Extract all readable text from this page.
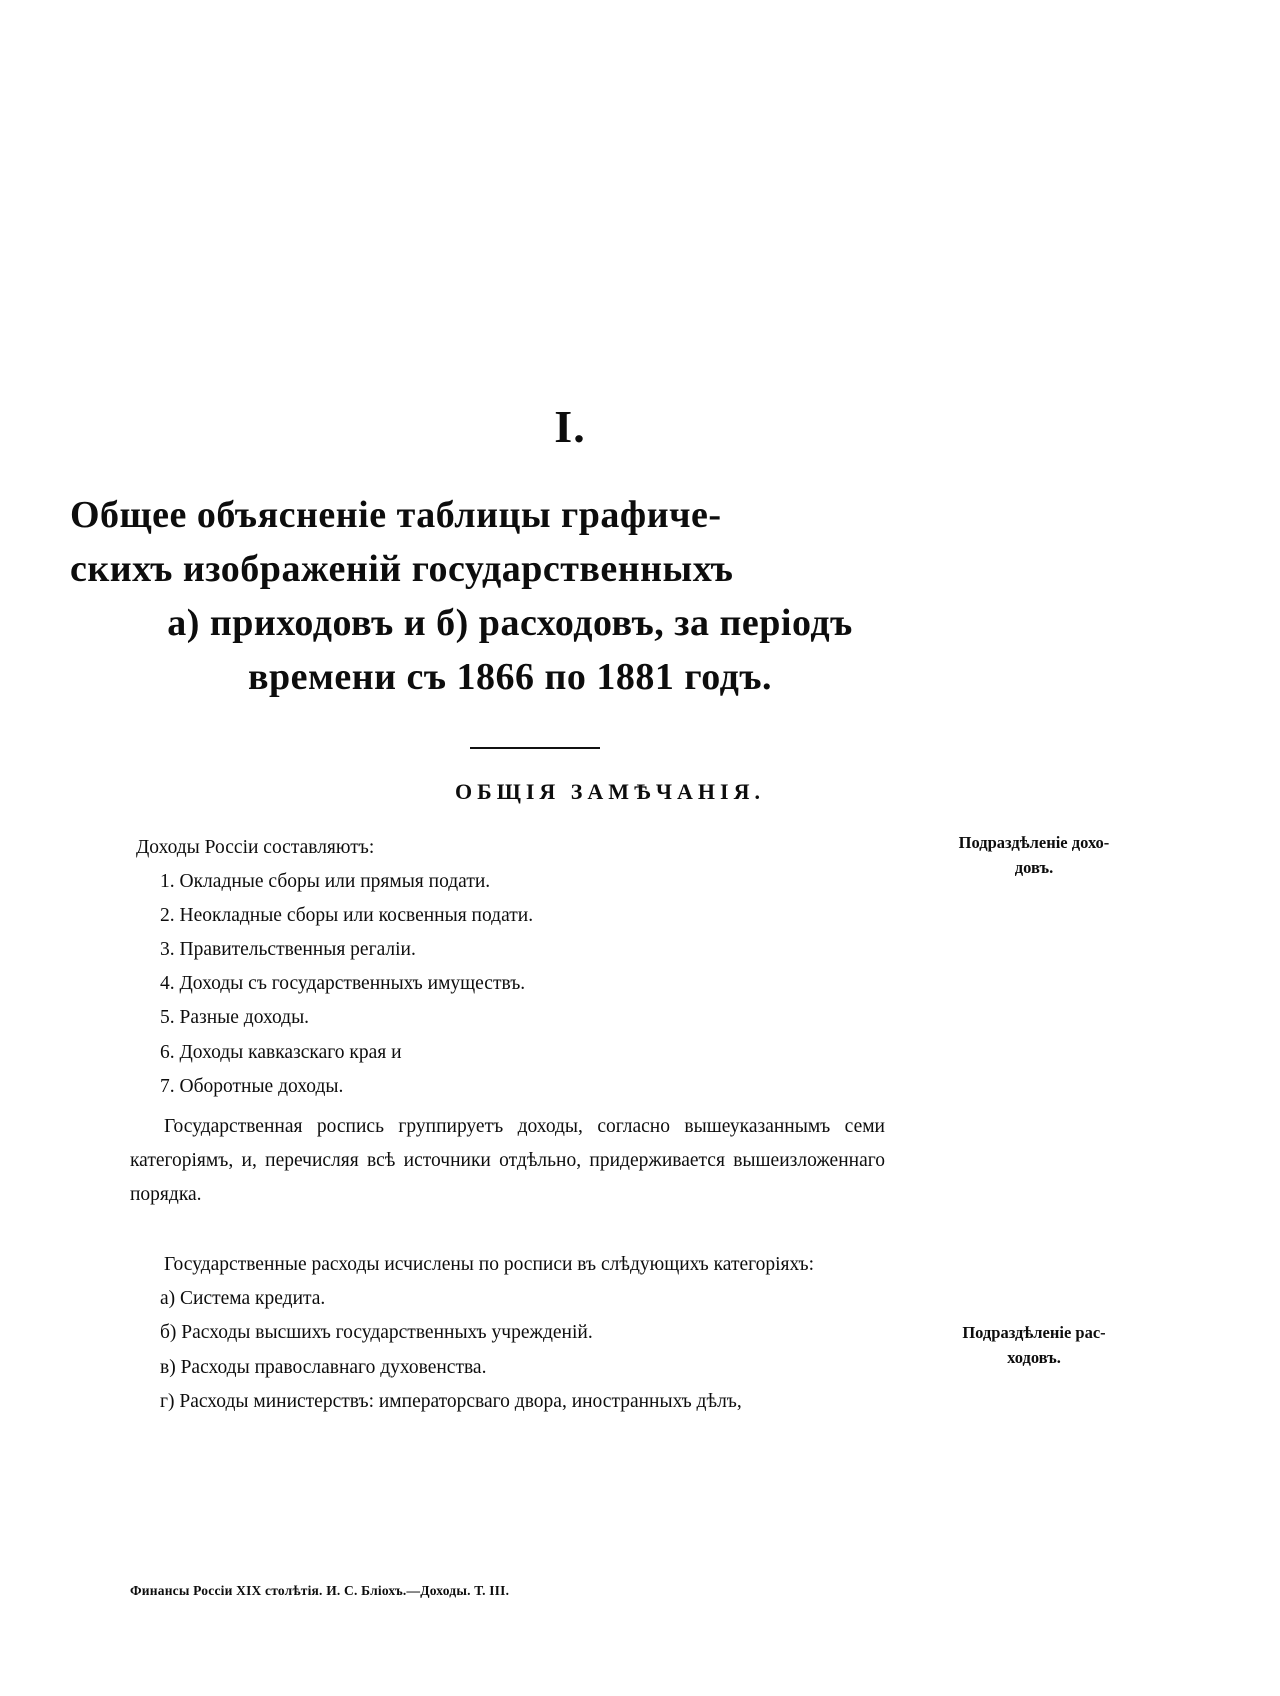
I.
Общее объясненіе таблицы графиче-
скихъ изображеній государственныхъ
а) приходовъ и б) расходовъ, за періодъ
времени съ 1866 по 1881 годъ.
ОБЩІЯ ЗАМѢЧАНІЯ.
Подраздѣленіе дохо-
довъ.
Подраздѣленіе рас-
ходовъ.
Доходы Россіи составляютъ:
1. Окладные сборы или прямыя подати.
2. Неокладные сборы или косвенныя подати.
3. Правительственныя регаліи.
4. Доходы съ государственныхъ имуществъ.
5. Разные доходы.
6. Доходы кавказскаго края и
7. Оборотные доходы.
Государственная роспись группируетъ доходы, согласно вышеуказаннымъ семи категоріямъ, и, перечисляя всѣ источники отдѣльно, придерживается вышеизложеннаго порядка.
Государственные расходы исчислены по росписи въ слѣдующихъ категоріяхъ:
а) Система кредита.
б) Расходы высшихъ государственныхъ учрежденій.
в) Расходы православнаго духовенства.
г) Расходы министерствъ: императорсваго двора, иностранныхъ дѣлъ,
Финансы Россіи XIX столѣтія. И. С. Блiохъ.—Доходы. Т. III.
